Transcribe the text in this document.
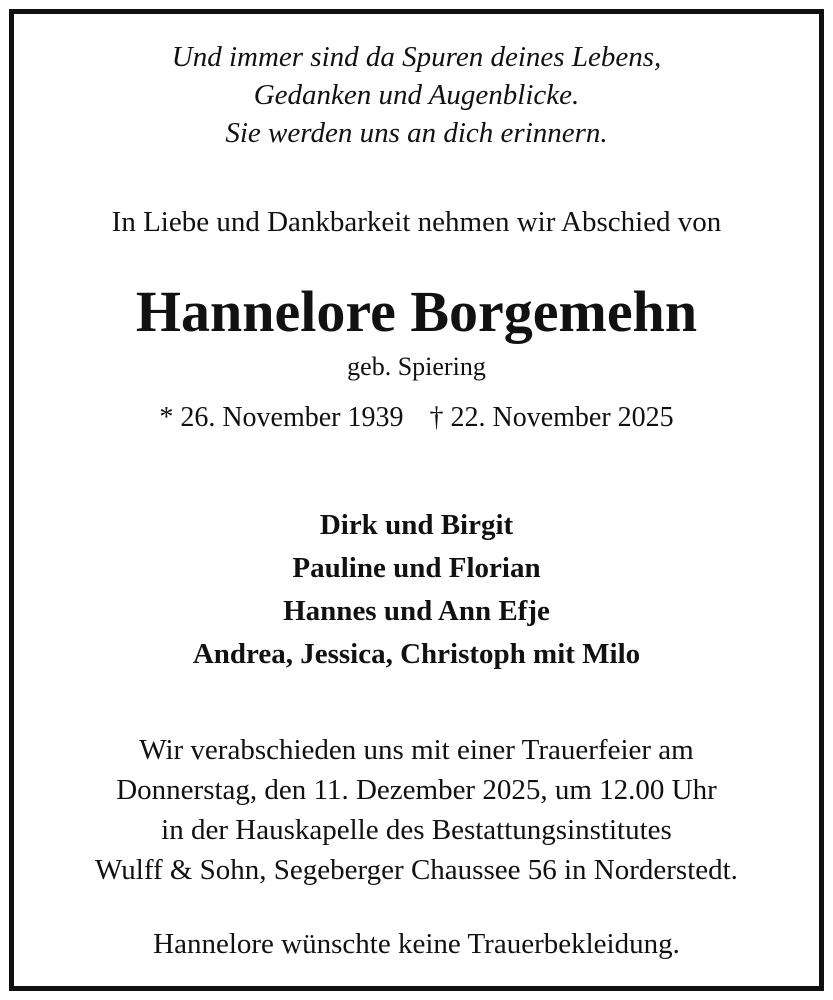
Und immer sind da Spuren deines Lebens,
Gedanken und Augenblicke.
Sie werden uns an dich erinnern.
In Liebe und Dankbarkeit nehmen wir Abschied von
Hannelore Borgemehn
geb. Spiering
* 26. November 1939 † 22. November 2025
Dirk und Birgit
Pauline und Florian
Hannes und Ann Efje
Andrea, Jessica, Christoph mit Milo
Wir verabschieden uns mit einer Trauerfeier am
Donnerstag, den 11. Dezember 2025, um 12.00 Uhr
in der Hauskapelle des Bestattungsinstitutes
Wulff & Sohn, Segeberger Chaussee 56 in Norderstedt.
Hannelore wünschte keine Trauerbekleidung.
